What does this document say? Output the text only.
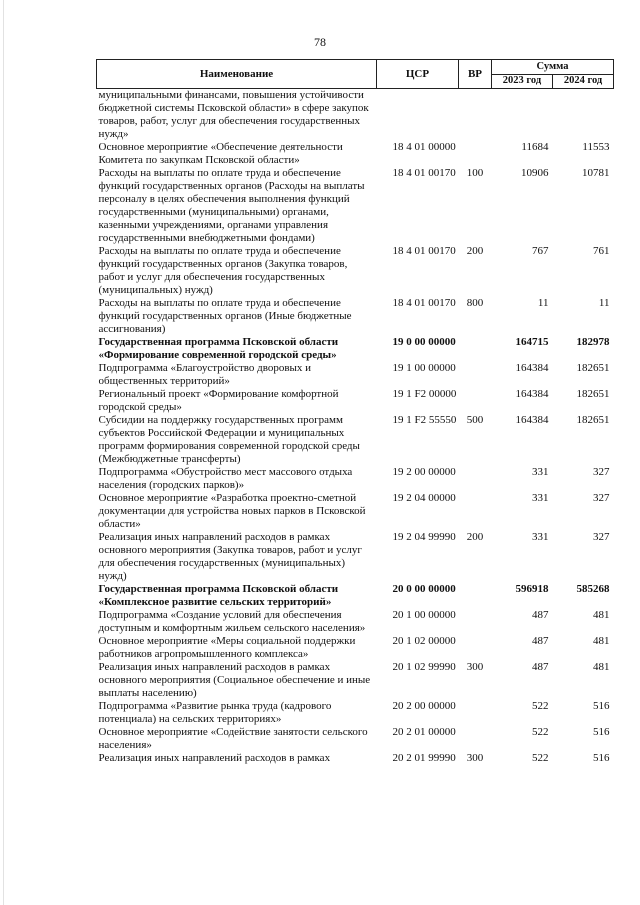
78
Наименование	ЦСР	ВР	Сумма	
			2023 год	2024 год
муниципальными финансами, повышения устойчивости бюджетной системы Псковской области» в сфере закупок товаров, работ, услуг для обеспечения государственных нужд»				
Основное мероприятие «Обеспечение деятельности Комитета по закупкам Псковской области»	18 4 01 00000		11684	11553
Расходы на выплаты по оплате труда и обеспечение функций государственных органов (Расходы на выплаты персоналу в целях обеспечения выполнения функций государственными (муниципальными) органами, казенными учреждениями, органами управления государственными внебюджетными фондами)	18 4 01 00170	100	10906	10781
Расходы на выплаты по оплате труда и обеспечение функций государственных органов (Закупка товаров, работ и услуг для обеспечения государственных (муниципальных) нужд)	18 4 01 00170	200	767	761
Расходы на выплаты по оплате труда и обеспечение функций государственных органов (Иные бюджетные ассигнования)	18 4 01 00170	800	11	11
Государственная программа Псковской области «Формирование современной городской среды»	19 0 00 00000		164715	182978
Подпрограмма «Благоустройство дворовых и общественных территорий»	19 1 00 00000		164384	182651
Региональный проект «Формирование комфортной городской среды»	19 1 F2 00000		164384	182651
Субсидии на поддержку государственных программ субъектов Российской Федерации и муниципальных программ формирования современной городской среды (Межбюджетные трансферты)	19 1 F2 55550	500	164384	182651
Подпрограмма «Обустройство мест массового отдыха населения (городских парков)»	19 2 00 00000		331	327
Основное мероприятие «Разработка проектно-сметной документации для устройства новых парков в Псковской области»	19 2 04 00000		331	327
Реализация иных направлений расходов в рамках основного мероприятия (Закупка товаров, работ и услуг для обеспечения государственных (муниципальных) нужд)	19 2 04 99990	200	331	327
Государственная программа Псковской области «Комплексное развитие сельских территорий»	20 0 00 00000		596918	585268
Подпрограмма «Создание условий для обеспечения доступным и комфортным жильем сельского населения»	20 1 00 00000		487	481
Основное мероприятие «Меры социальной поддержки работников агропромышленного комплекса»	20 1 02 00000		487	481
Реализация иных направлений расходов в рамках основного мероприятия (Социальное обеспечение и иные выплаты населению)	20 1 02 99990	300	487	481
Подпрограмма «Развитие рынка труда (кадрового потенциала) на сельских территориях»	20 2 00 00000		522	516
Основное мероприятие «Содействие занятости сельского населения»	20 2 01 00000		522	516
Реализация иных направлений расходов в рамках	20 2 01 99990	300	522	516
